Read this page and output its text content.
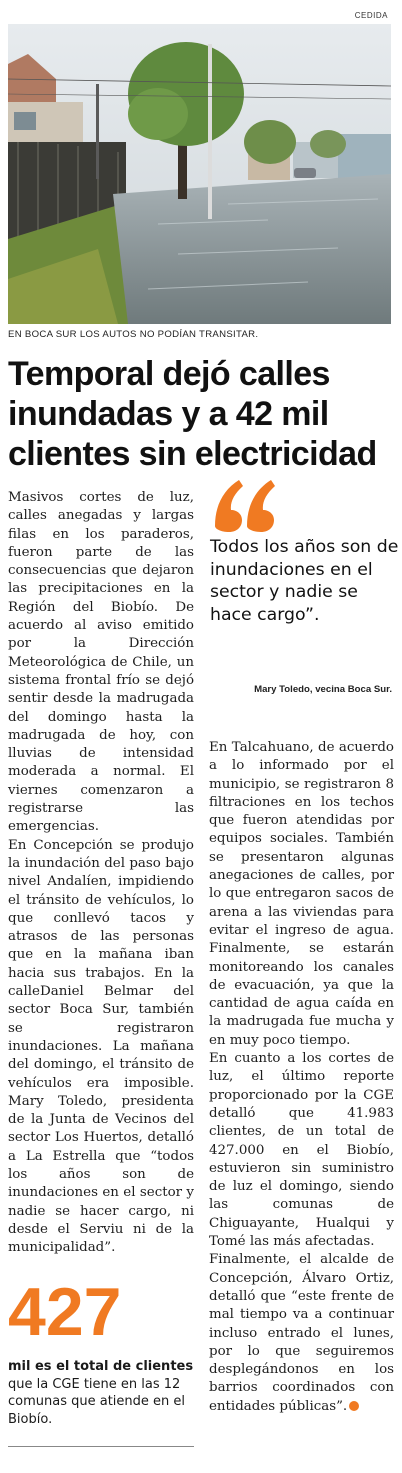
CEDIDA
EN BOCA SUR LOS AUTOS NO PODÍAN TRANSITAR.
Temporal dejó calles
inundadas y a 42 mil
clientes sin electricidad

Masivos cortes de luz, calles anegadas y largas filas en los paraderos, fueron parte de las consecuencias que dejaron las precipitaciones en la Región del Biobío. De acuerdo al aviso emitido por la Dirección Meteorológica de Chile, un sistema frontal frío se dejó sentir desde la madrugada del domingo hasta la madrugada de hoy, con lluvias de intensidad moderada a normal. El viernes comenzaron a registrarse las emergencias.

En Concepción se produjo la inundación del paso bajo nivel Andalíen, impidiendo el tránsito de vehículos, lo que conllevó tacos y atrasos de las personas que en la mañana iban hacia sus trabajos. En la calleDaniel Belmar del sector Boca Sur, también se registraron inundaciones. La mañana del domingo, el tránsito de vehículos era imposible. Mary Toledo, presidenta de la Junta de Vecinos del sector Los Huertos, detalló a La Estrella que “todos los años son de inundaciones en el sector y nadie se hacer cargo, ni desde el Serviu ni de la municipalidad”.

Todos los años son de inundaciones en el sector y nadie se hace cargo”.

Mary Toledo, vecina Boca Sur.

En Talcahuano, de acuerdo a lo informado por el municipio, se registraron 8 filtraciones en los techos que fueron atendidas por equipos sociales. También se presentaron algunas anegaciones de calles, por lo que entregaron sacos de arena a las viviendas para evitar el ingreso de agua. Finalmente, se estarán monitoreando los canales de evacuación, ya que la cantidad de agua caída en la madrugada fue mucha y en muy poco tiempo.

En cuanto a los cortes de luz, el último reporte proporcionado por la CGE detalló que 41.983 clientes, de un total de 427.000 en el Biobío, estuvieron sin suministro de luz el domingo, siendo las comunas de Chiguayante, Hualqui y Tomé las más afectadas.

Finalmente, el alcalde de Concepción, Álvaro Ortiz, detalló que “este frente de mal tiempo va a continuar incluso entrado el lunes, por lo que seguiremos desplegándonos en los barrios coordinados con entidades públicas”.

427
mil es el total de clientes que la CGE tiene en las 12 comunas que atiende en el Biobío.
